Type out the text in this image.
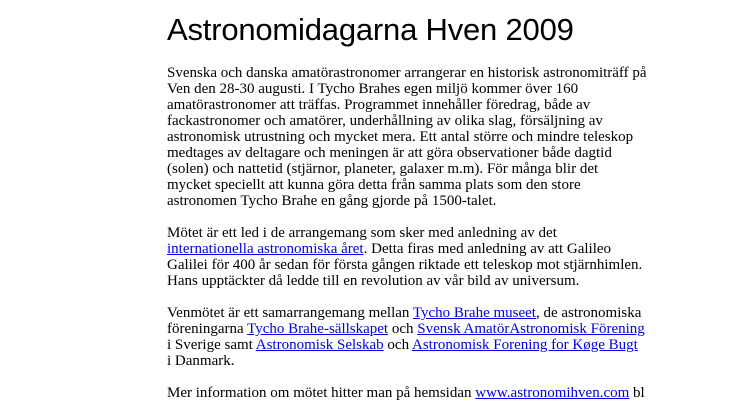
Astronomidagarna Hven 2009

Svenska och danska amatörastronomer arrangerar en historisk astronomiträff på
Ven den 28-30 augusti. I Tycho Brahes egen miljö kommer över 160
amatörastronomer att träffas. Programmet innehåller föredrag, både av
fackastronomer och amatörer, underhållning av olika slag, försäljning av
astronomisk utrustning och mycket mera. Ett antal större och mindre teleskop
medtages av deltagare och meningen är att göra observationer både dagtid
(solen) och nattetid (stjärnor, planeter, galaxer m.m). För många blir det
mycket speciellt att kunna göra detta från samma plats som den store
astronomen Tycho Brahe en gång gjorde på 1500-talet.

Mötet är ett led i de arrangemang som sker med anledning av det
internationella astronomiska året. Detta firas med anledning av att Galileo
Galilei för 400 år sedan för första gången riktade ett teleskop mot stjärnhimlen.
Hans upptäckter då ledde till en revolution av vår bild av universum.

Venmötet är ett samarrangemang mellan Tycho Brahe museet, de astronomiska
föreningarna Tycho Brahe-sällskapet och Svensk AmatörAstronomisk Förening
i Sverige samt Astronomisk Selskab och Astronomisk Forening for Køge Bugt
i Danmark.

Mer information om mötet hitter man på hemsidan www.astronomihven.com bl
